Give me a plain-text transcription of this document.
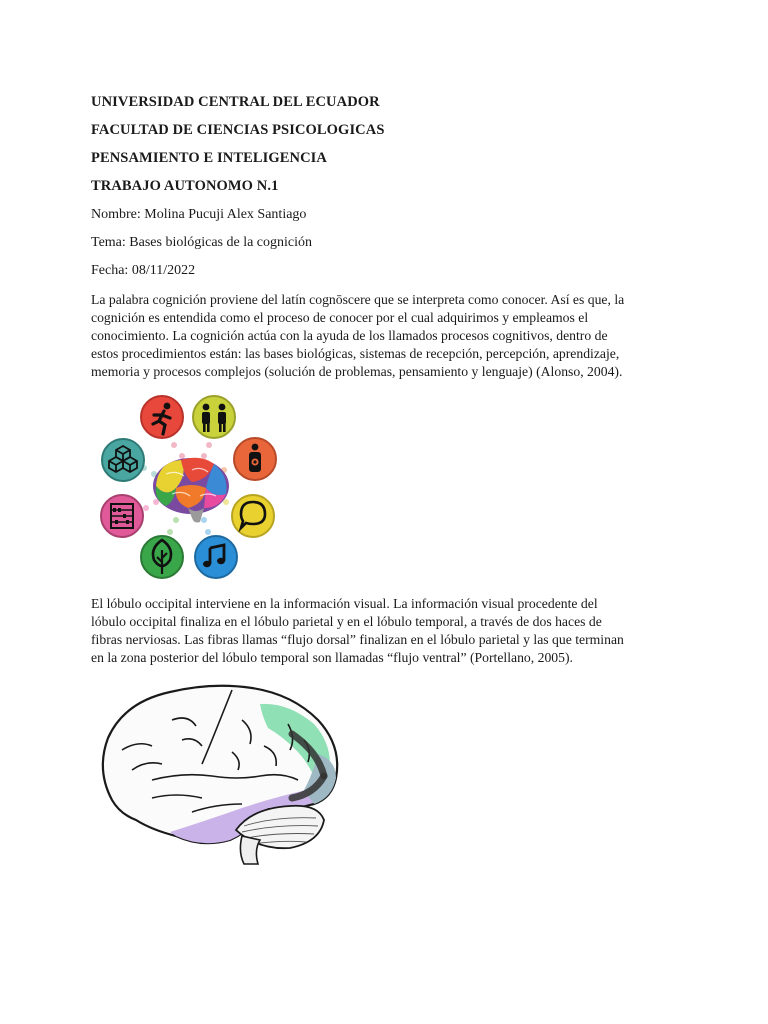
UNIVERSIDAD CENTRAL DEL ECUADOR

FACULTAD DE CIENCIAS PSICOLOGICAS

PENSAMIENTO E INTELIGENCIA

TRABAJO AUTONOMO N.1

Nombre: Molina Pucuji Alex Santiago

Tema: Bases biológicas de la cognición

Fecha: 08/11/2022

La palabra cognición proviene del latín cognōscere que se interpreta como conocer. Así es que, la
cognición es entendida como el proceso de conocer por el cual adquirimos y empleamos el
conocimiento. La cognición actúa con la ayuda de los llamados procesos cognitivos, dentro de
estos procedimientos están: las bases biológicas, sistemas de recepción, percepción, aprendizaje,
memoria y procesos complejos (solución de problemas, pensamiento y lenguaje) (Alonso, 2004).
El lóbulo occipital interviene en la información visual. La información visual procedente del
lóbulo occipital finaliza en el lóbulo parietal y en el lóbulo temporal, a través de dos haces de
fibras nerviosas. Las fibras llamas “flujo dorsal” finalizan en el lóbulo parietal y las que terminan
en la zona posterior del lóbulo temporal son llamadas “flujo ventral” (Portellano, 2005).
